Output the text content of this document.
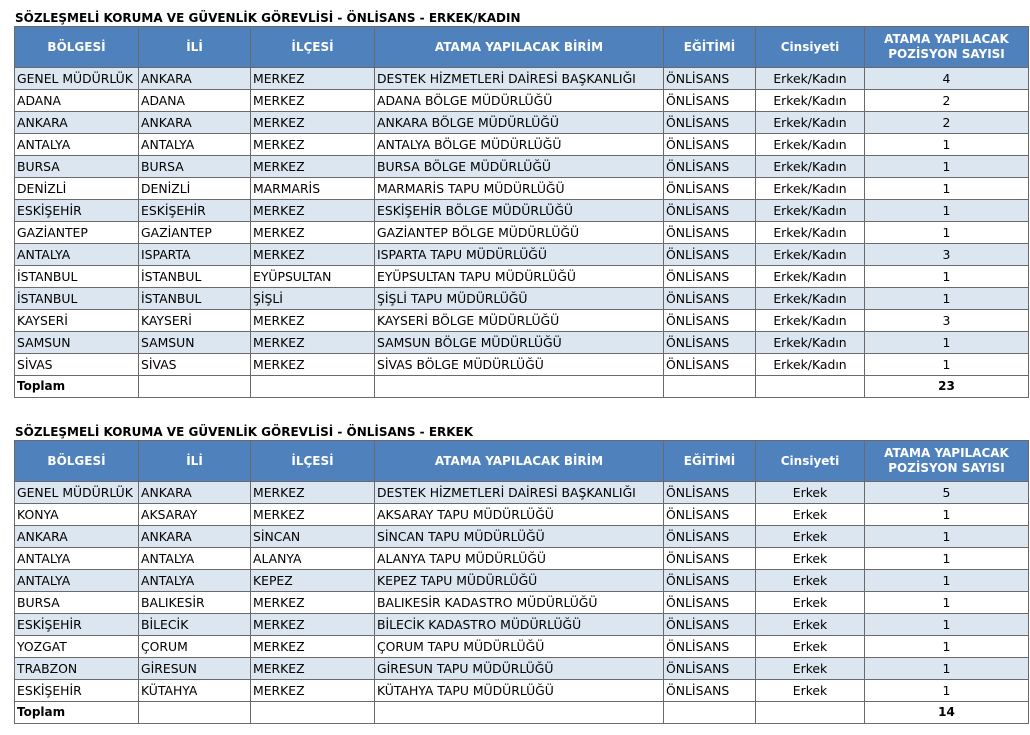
SÖZLEŞMELİ KORUMA VE GÜVENLİK GÖREVLİSİ - ÖNLİSANS - ERKEK/KADIN
BÖLGESİ	İLİ	İLÇESİ	ATAMA YAPILACAK BİRİM	EĞİTİMİ	Cinsiyeti	ATAMA YAPILACAK
POZİSYON SAYISI
GENEL MÜDÜRLÜK	ANKARA	MERKEZ	DESTEK HİZMETLERİ DAİRESİ BAŞKANLIĞI	ÖNLİSANS	Erkek/Kadın	4
ADANA	ADANA	MERKEZ	ADANA BÖLGE MÜDÜRLÜĞÜ	ÖNLİSANS	Erkek/Kadın	2
ANKARA	ANKARA	MERKEZ	ANKARA BÖLGE MÜDÜRLÜĞÜ	ÖNLİSANS	Erkek/Kadın	2
ANTALYA	ANTALYA	MERKEZ	ANTALYA BÖLGE MÜDÜRLÜĞÜ	ÖNLİSANS	Erkek/Kadın	1
BURSA	BURSA	MERKEZ	BURSA BÖLGE MÜDÜRLÜĞÜ	ÖNLİSANS	Erkek/Kadın	1
DENİZLİ	DENİZLİ	MARMARİS	MARMARİS TAPU MÜDÜRLÜĞÜ	ÖNLİSANS	Erkek/Kadın	1
ESKİŞEHİR	ESKİŞEHİR	MERKEZ	ESKİŞEHİR BÖLGE MÜDÜRLÜĞÜ	ÖNLİSANS	Erkek/Kadın	1
GAZİANTEP	GAZİANTEP	MERKEZ	GAZİANTEP BÖLGE MÜDÜRLÜĞÜ	ÖNLİSANS	Erkek/Kadın	1
ANTALYA	ISPARTA	MERKEZ	ISPARTA TAPU MÜDÜRLÜĞÜ	ÖNLİSANS	Erkek/Kadın	3
İSTANBUL	İSTANBUL	EYÜPSULTAN	EYÜPSULTAN TAPU MÜDÜRLÜĞÜ	ÖNLİSANS	Erkek/Kadın	1
İSTANBUL	İSTANBUL	ŞİŞLİ	ŞİŞLİ TAPU MÜDÜRLÜĞÜ	ÖNLİSANS	Erkek/Kadın	1
KAYSERİ	KAYSERİ	MERKEZ	KAYSERİ BÖLGE MÜDÜRLÜĞÜ	ÖNLİSANS	Erkek/Kadın	3
SAMSUN	SAMSUN	MERKEZ	SAMSUN BÖLGE MÜDÜRLÜĞÜ	ÖNLİSANS	Erkek/Kadın	1
SİVAS	SİVAS	MERKEZ	SİVAS BÖLGE MÜDÜRLÜĞÜ	ÖNLİSANS	Erkek/Kadın	1
Toplam						23
SÖZLEŞMELİ KORUMA VE GÜVENLİK GÖREVLİSİ - ÖNLİSANS - ERKEK
BÖLGESİ	İLİ	İLÇESİ	ATAMA YAPILACAK BİRİM	EĞİTİMİ	Cinsiyeti	ATAMA YAPILACAK
POZİSYON SAYISI
GENEL MÜDÜRLÜK	ANKARA	MERKEZ	DESTEK HİZMETLERİ DAİRESİ BAŞKANLIĞI	ÖNLİSANS	Erkek	5
KONYA	AKSARAY	MERKEZ	AKSARAY TAPU MÜDÜRLÜĞÜ	ÖNLİSANS	Erkek	1
ANKARA	ANKARA	SİNCAN	SİNCAN TAPU MÜDÜRLÜĞÜ	ÖNLİSANS	Erkek	1
ANTALYA	ANTALYA	ALANYA	ALANYA TAPU MÜDÜRLÜĞÜ	ÖNLİSANS	Erkek	1
ANTALYA	ANTALYA	KEPEZ	KEPEZ TAPU MÜDÜRLÜĞÜ	ÖNLİSANS	Erkek	1
BURSA	BALIKESİR	MERKEZ	BALIKESİR KADASTRO MÜDÜRLÜĞÜ	ÖNLİSANS	Erkek	1
ESKİŞEHİR	BİLECİK	MERKEZ	BİLECİK KADASTRO MÜDÜRLÜĞÜ	ÖNLİSANS	Erkek	1
YOZGAT	ÇORUM	MERKEZ	ÇORUM TAPU MÜDÜRLÜĞÜ	ÖNLİSANS	Erkek	1
TRABZON	GİRESUN	MERKEZ	GİRESUN TAPU MÜDÜRLÜĞÜ	ÖNLİSANS	Erkek	1
ESKİŞEHİR	KÜTAHYA	MERKEZ	KÜTAHYA TAPU MÜDÜRLÜĞÜ	ÖNLİSANS	Erkek	1
Toplam						14
